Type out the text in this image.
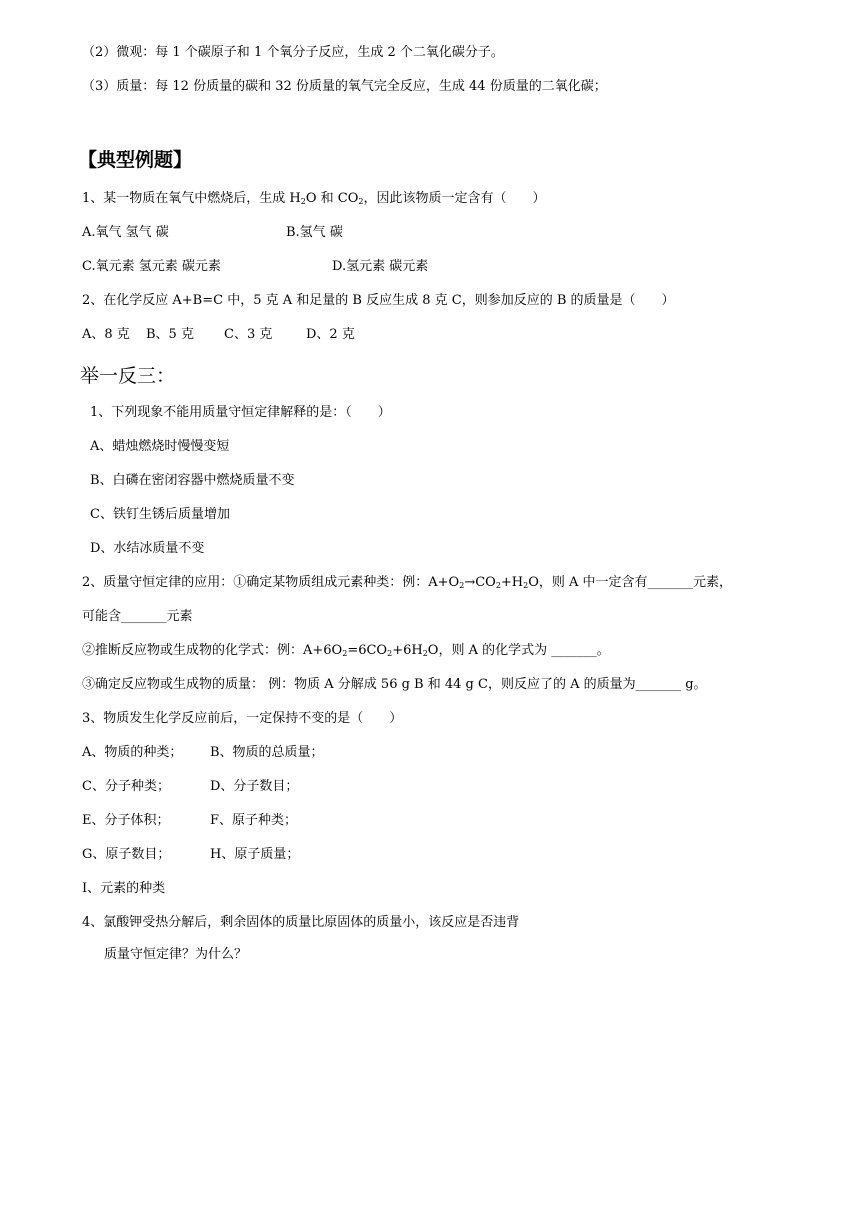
（2）微观：每 1 个碳原子和 1 个氧分子反应，生成 2 个二氧化碳分子。
（3）质量：每 12 份质量的碳和 32 份质量的氧气完全反应，生成 44 份质量的二氧化碳；
【典型例题】
1、某一物质在氧气中燃烧后，生成 $H_2O$ 和 $CO_2$，因此该物质一定含有（　　）
A.氧气 氢气 碳	B.氢气 碳
C.氧元素 氢元素 碳元素	D.氢元素 碳元素
2、在化学反应 A+B=C 中，5 克 A 和足量的 B 反应生成 8 克 C，则参加反应的 B 的质量是（　　）
A、8 克 B、5 克 C、3 克	D、2 克
举一反三：
1、下列现象不能用质量守恒定律解释的是：（　　）
A、蜡烛燃烧时慢慢变短
B、白磷在密闭容器中燃烧质量不变
C、铁钉生锈后质量增加
D、水结冰质量不变
2、质量守恒定律的应用：①确定某物质组成元素种类：例：$A+O_2\to CO_2+H_2O$，则 A 中一定含有_______元素，
可能含_______元素
②推断反应物或生成物的化学式：例：$A+6O_2=6CO_2+6H_2O$，则 A 的化学式为 _______。
③确定反应物或生成物的质量： 例：物质 A 分解成 56 g B 和 44 g C，则反应了的 A 的质量为_______ g。
3、物质发生化学反应前后，一定保持不变的是（　　）
A、物质的种类； B、物质的总质量；
C、分子种类；	D、分子数目；
E、分子体积；	F、原子种类；
G、原子数目；	H、原子质量；
I、元素的种类
4、氯酸钾受热分解后，剩余固体的质量比原固体的质量小，该反应是否违背
质量守恒定律？为什么？
